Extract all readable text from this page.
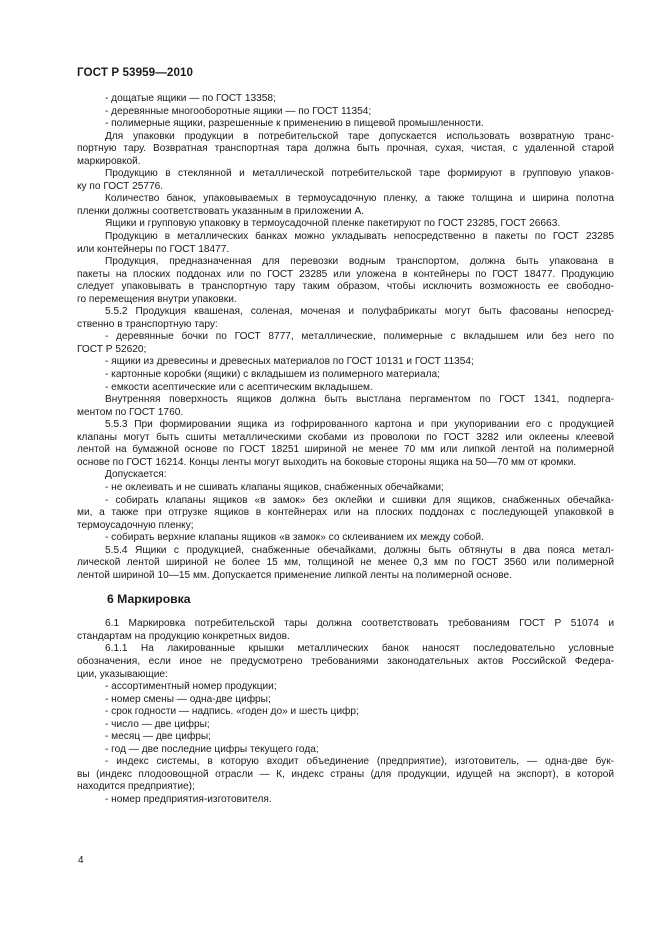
ГОСТ Р 53959—2010
- дощатые ящики — по ГОСТ 13358;
- деревянные многооборотные ящики — по ГОСТ 11354;
- полимерные ящики, разрешенные к применению в пищевой промышленности.
Для упаковки продукции в потребительской таре допускается использовать возвратную транс-
портную тару. Возвратная транспортная тара должна быть прочная, сухая, чистая, с удаленной старой
маркировкой.
Продукцию в стеклянной и металлической потребительской таре формируют в групповую упаков-
ку по ГОСТ 25776.
Количество банок, упаковываемых в термоусадочную пленку, а также толщина и ширина полотна
пленки должны соответствовать указанным в приложении А.
Ящики и групповую упаковку в термоусадочной пленке пакетируют по ГОСТ 23285, ГОСТ 26663.
Продукцию в металлических банках можно укладывать непосредственно в пакеты по ГОСТ 23285
или контейнеры по ГОСТ 18477.
Продукция, предназначенная для перевозки водным транспортом, должна быть упакована в
пакеты на плоских поддонах или по ГОСТ 23285 или уложена в контейнеры по ГОСТ 18477. Продукцию
следует упаковывать в транспортную тару таким образом, чтобы исключить возможность ее свободно-
го перемещения внутри упаковки.
5.5.2 Продукция квашеная, соленая, моченая и полуфабрикаты могут быть фасованы непосред-
ственно в транспортную тару:
- деревянные бочки по ГОСТ 8777, металлические, полимерные с вкладышем или без него по
ГОСТ Р 52620;
- ящики из древесины и древесных материалов по ГОСТ 10131 и ГОСТ 11354;
- картонные коробки (ящики) с вкладышем из полимерного материала;
- емкости асептические или с асептическим вкладышем.
Внутренняя поверхность ящиков должна быть выстлана пергаментом по ГОСТ 1341, подперга-
ментом по ГОСТ 1760.
5.5.3 При формировании ящика из гофрированного картона и при укупоривании его с продукцией
клапаны могут быть сшиты металлическими скобами из проволоки по ГОСТ 3282 или оклеены клеевой
лентой на бумажной основе по ГОСТ 18251 шириной не менее 70 мм или липкой лентой на полимерной
основе по ГОСТ 16214. Концы ленты могут выходить на боковые стороны ящика на 50—70 мм от кромки.
Допускается:
- не оклеивать и не сшивать клапаны ящиков, снабженных обечайками;
- собирать клапаны ящиков «в замок» без оклейки и сшивки для ящиков, снабженных обечайка-
ми, а также при отгрузке ящиков в контейнерах или на плоских поддонах с последующей упаковкой в
термоусадочную пленку;
- собирать верхние клапаны ящиков «в замок» со склеиванием их между собой.
5.5.4 Ящики с продукцией, снабженные обечайками, должны быть обтянуты в два пояса метал-
лической лентой шириной не более 15 мм, толщиной не менее 0,3 мм по ГОСТ 3560 или полимерной
лентой шириной 10—15 мм. Допускается применение липкой ленты на полимерной основе.
6 Маркировка
6.1 Маркировка потребительской тары должна соответствовать требованиям ГОСТ Р 51074 и
стандартам на продукцию конкретных видов.
6.1.1 На лакированные крышки металлических банок наносят последовательно условные
обозначения, если иное не предусмотрено требованиями законодательных актов Российской Федера-
ции, указывающие:
- ассортиментный номер продукции;
- номер смены — одна-две цифры;
- срок годности — надпись. «годен до» и шесть цифр;
- число — две цифры;
- месяц — две цифры;
- год — две последние цифры текущего года;
- индекс системы, в которую входит объединение (предприятие), изготовитель, — одна-две бук-
вы (индекс плодоовощной отрасли — К, индекс страны (для продукции, идущей на экспорт), в которой
находится предприятие);
- номер предприятия-изготовителя.
4
